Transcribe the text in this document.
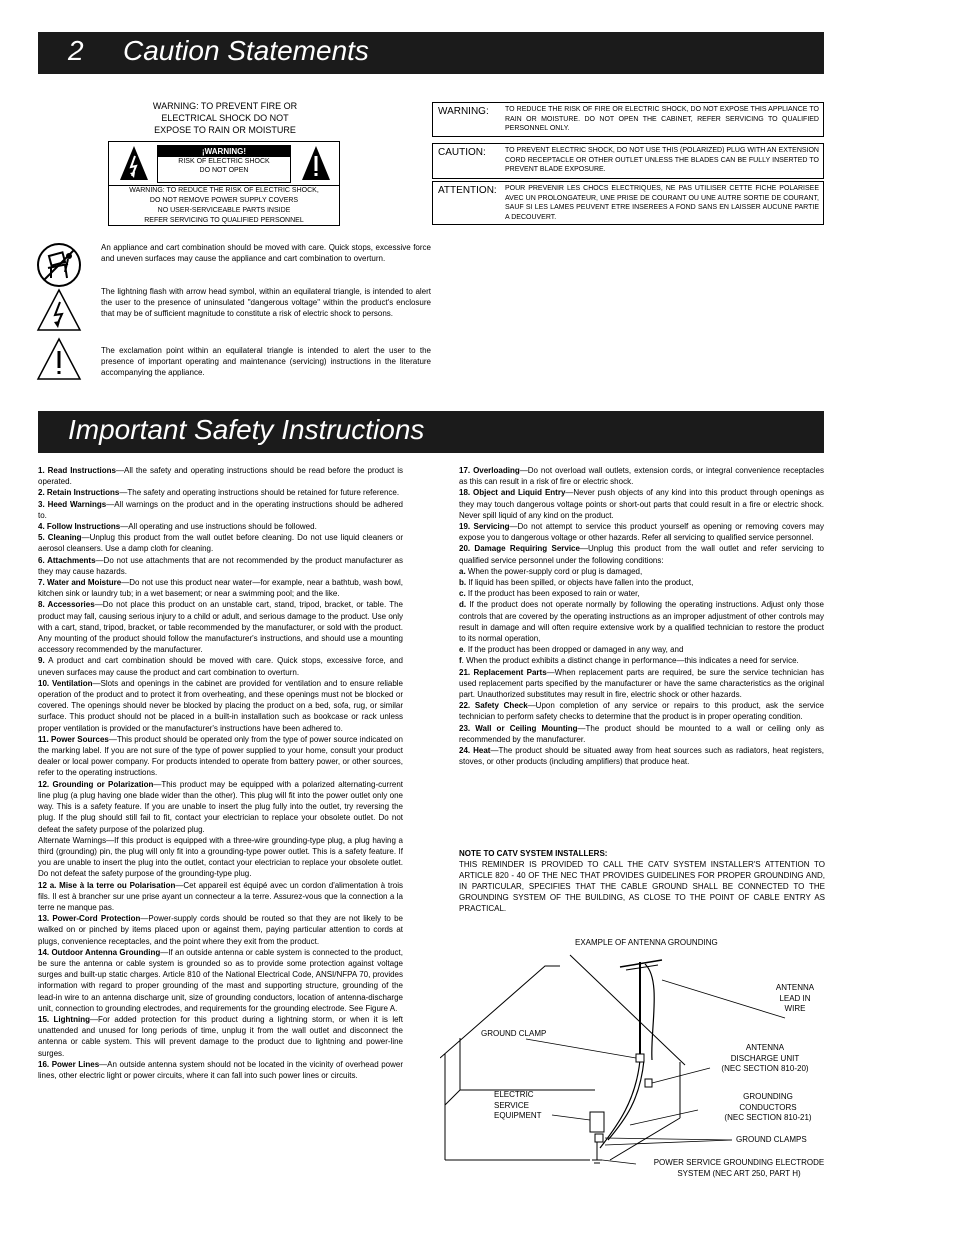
2 Caution Statements
WARNING: TO PREVENT FIRE OR
ELECTRICAL SHOCK DO NOT
EXPOSE TO RAIN OR MOISTURE
¡WARNING!
RISK OF ELECTRIC SHOCK
DO NOT OPEN
WARNING: TO REDUCE THE RISK OF ELECTRIC SHOCK,
DO NOT REMOVE POWER SUPPLY COVERS
NO USER-SERVICEABLE PARTS INSIDE
REFER SERVICING TO QUALIFIED PERSONNEL
WARNING: TO REDUCE THE RISK OF FIRE OR ELECTRIC SHOCK, DO NOT EXPOSE THIS APPLIANCE TO RAIN OR MOISTURE. DO NOT OPEN THE CABINET, REFER SERVICING TO QUALIFIED PERSONNEL ONLY.
CAUTION:	TO PREVENT ELECTRIC SHOCK, DO NOT USE THIS (POLARIZED) PLUG WITH AN EXTENSION CORD RECEPTACLE OR OTHER OUTLET UNLESS THE BLADES CAN BE FULLY INSERTED TO PREVENT BLADE EXPOSURE.
ATTENTION: POUR PREVENIR LES CHOCS ELECTRIQUES, NE PAS UTILISER CETTE FICHE POLARISEE AVEC UN PROLONGATEUR, UNE PRISE DE COURANT OU UNE AUTRE SORTIE DE COURANT, SAUF SI LES LAMES PEUVENT ETRE INSEREES A FOND SANS EN LAISSER AUCUNE PARTIE A DECOUVERT.

An appliance and cart combination should be moved with care. Quick stops, excessive force and uneven surfaces may cause the appliance and cart combination to overturn.

The lightning flash with arrow head symbol, within an equilateral triangle, is intended to alert the user to the presence of uninsulated "dangerous voltage" within the product's enclosure that may be of sufficient magnitude to constitute a risk of electric shock to persons.

The exclamation point within an equilateral triangle is intended to alert the user to the presence of important operating and maintenance (servicing) instructions in the literature accompanying the appliance.

Important Safety Instructions

1. Read Instructions—All the safety and operating instructions should be read before the product is operated.

2. Retain Instructions—The safety and operating instructions should be retained for future reference.

3. Heed Warnings—All warnings on the product and in the operating instructions should be adhered to.

4. Follow Instructions—All operating and use instructions should be followed.

5. Cleaning—Unplug this product from the wall outlet before cleaning. Do not use liquid cleaners or aerosol cleansers. Use a damp cloth for cleaning.

6. Attachments—Do not use attachments that are not recommended by the product manufacturer as they may cause hazards.

7. Water and Moisture—Do not use this product near water—for example, near a bathtub, wash bowl, kitchen sink or laundry tub; in a wet basement; or near a swimming pool; and the like.

8. Accessories—Do not place this product on an unstable cart, stand, tripod, bracket, or table. The product may fall, causing serious injury to a child or adult, and serious damage to the product. Use only with a cart, stand, tripod, bracket, or table recommended by the manufacturer, or sold with the product. Any mounting of the product should follow the manufacturer's instructions, and should use a mounting accessory recommended by the manufacturer.

9. A product and cart combination should be moved with care. Quick stops, excessive force, and uneven surfaces may cause the product and cart combination to overturn.

10. Ventilation—Slots and openings in the cabinet are provided for ventilation and to ensure reliable operation of the product and to protect it from overheating, and these openings must not be blocked or covered. The openings should never be blocked by placing the product on a bed, sofa, rug, or similar surface. This product should not be placed in a built-in installation such as bookcase or rack unless proper ventilation is provided or the manufacturer's instructions have been adhered to.

11. Power Sources—This product should be operated only from the type of power source indicated on the marking label. If you are not sure of the type of power supplied to your home, consult your product dealer or local power company. For products intended to operate from battery power, or other sources, refer to the operating instructions.

12. Grounding or Polarization—This product may be equipped with a polarized alternating-current line plug (a plug having one blade wider than the other). This plug will fit into the power outlet only one way. This is a safety feature. If you are unable to insert the plug fully into the outlet, try reversing the plug. If the plug should still fail to fit, contact your electrician to replace your obsolete outlet. Do not defeat the safety purpose of the polarized plug.

Alternate Warnings—If this product is equipped with a three-wire grounding-type plug, a plug having a third (grounding) pin, the plug will only fit into a grounding-type power outlet. This is a safety feature. If you are unable to insert the plug into the outlet, contact your electrician to replace your obsolete outlet. Do not defeat the safety purpose of the grounding-type plug.

12 a. Mise à la terre ou Polarisation—Cet appareil est équipé avec un cordon d'alimentation à trois fils. Il est à brancher sur une prise ayant un connecteur a la terre. Assurez-vous que la connection a la terre ne manque pas.

13. Power-Cord Protection—Power-supply cords should be routed so that they are not likely to be walked on or pinched by items placed upon or against them, paying particular attention to cords at plugs, convenience receptacles, and the point where they exit from the product.

14. Outdoor Antenna Grounding—If an outside antenna or cable system is connected to the product, be sure the antenna or cable system is grounded so as to provide some protection against voltage surges and built-up static charges. Article 810 of the National Electrical Code, ANSI/NFPA 70, provides information with regard to proper grounding of the mast and supporting structure, grounding of the lead-in wire to an antenna discharge unit, size of grounding conductors, location of antenna-discharge unit, connection to grounding electrodes, and requirements for the grounding electrode. See Figure A.

15. Lightning—For added protection for this product during a lightning storm, or when it is left unattended and unused for long periods of time, unplug it from the wall outlet and disconnect the antenna or cable system. This will prevent damage to the product due to lightning and power-line surges.

16. Power Lines—An outside antenna system should not be located in the vicinity of overhead power lines, other electric light or power circuits, where it can fall into such power lines or circuits.

17. Overloading—Do not overload wall outlets, extension cords, or integral convenience receptacles as this can result in a risk of fire or electric shock.

18. Object and Liquid Entry—Never push objects of any kind into this product through openings as they may touch dangerous voltage points or short-out parts that could result in a fire or electric shock. Never spill liquid of any kind on the product.

19. Servicing—Do not attempt to service this product yourself as opening or removing covers may expose you to dangerous voltage or other hazards. Refer all servicing to qualified service personnel.

20. Damage Requiring Service—Unplug this product from the wall outlet and refer servicing to qualified service personnel under the following conditions:

a. When the power-supply cord or plug is damaged,

b. If liquid has been spilled, or objects have fallen into the product,

c. If the product has been exposed to rain or water,

d. If the product does not operate normally by following the operating instructions. Adjust only those controls that are covered by the operating instructions as an improper adjustment of other controls may result in damage and will often require extensive work by a qualified technician to restore the product to its normal operation,

e. If the product has been dropped or damaged in any way, and

f. When the product exhibits a distinct change in performance—this indicates a need for service.

21. Replacement Parts—When replacement parts are required, be sure the service technician has used replacement parts specified by the manufacturer or have the same characteristics as the original part. Unauthorized substitutes may result in fire, electric shock or other hazards.

22. Safety Check—Upon completion of any service or repairs to this product, ask the service technician to perform safety checks to determine that the product is in proper operating condition.

23. Wall or Ceiling Mounting—The product should be mounted to a wall or ceiling only as recommended by the manufacturer.

24. Heat—The product should be situated away from heat sources such as radiators, heat registers, stoves, or other products (including amplifiers) that produce heat.

NOTE TO CATV SYSTEM INSTALLERS:
THIS REMINDER IS PROVIDED TO CALL THE CATV SYSTEM INSTALLER'S ATTENTION TO ARTICLE 820 - 40 OF THE NEC THAT PROVIDES GUIDELINES FOR PROPER GROUNDING AND, IN PARTICULAR, SPECIFIES THAT THE CABLE GROUND SHALL BE CONNECTED TO THE GROUNDING SYSTEM OF THE BUILDING, AS CLOSE TO THE POINT OF CABLE ENTRY AS PRACTICAL.
EXAMPLE OF ANTENNA GROUNDING
ANTENNA
LEAD IN
WIRE
GROUND CLAMP
ANTENNA
DISCHARGE UNIT
(NEC SECTION 810-20)
ELECTRIC
SERVICE
EQUIPMENT
GROUNDING
CONDUCTORS
(NEC SECTION 810-21)
GROUND CLAMPS
POWER SERVICE GROUNDING ELECTRODE
SYSTEM (NEC ART 250, PART H)
